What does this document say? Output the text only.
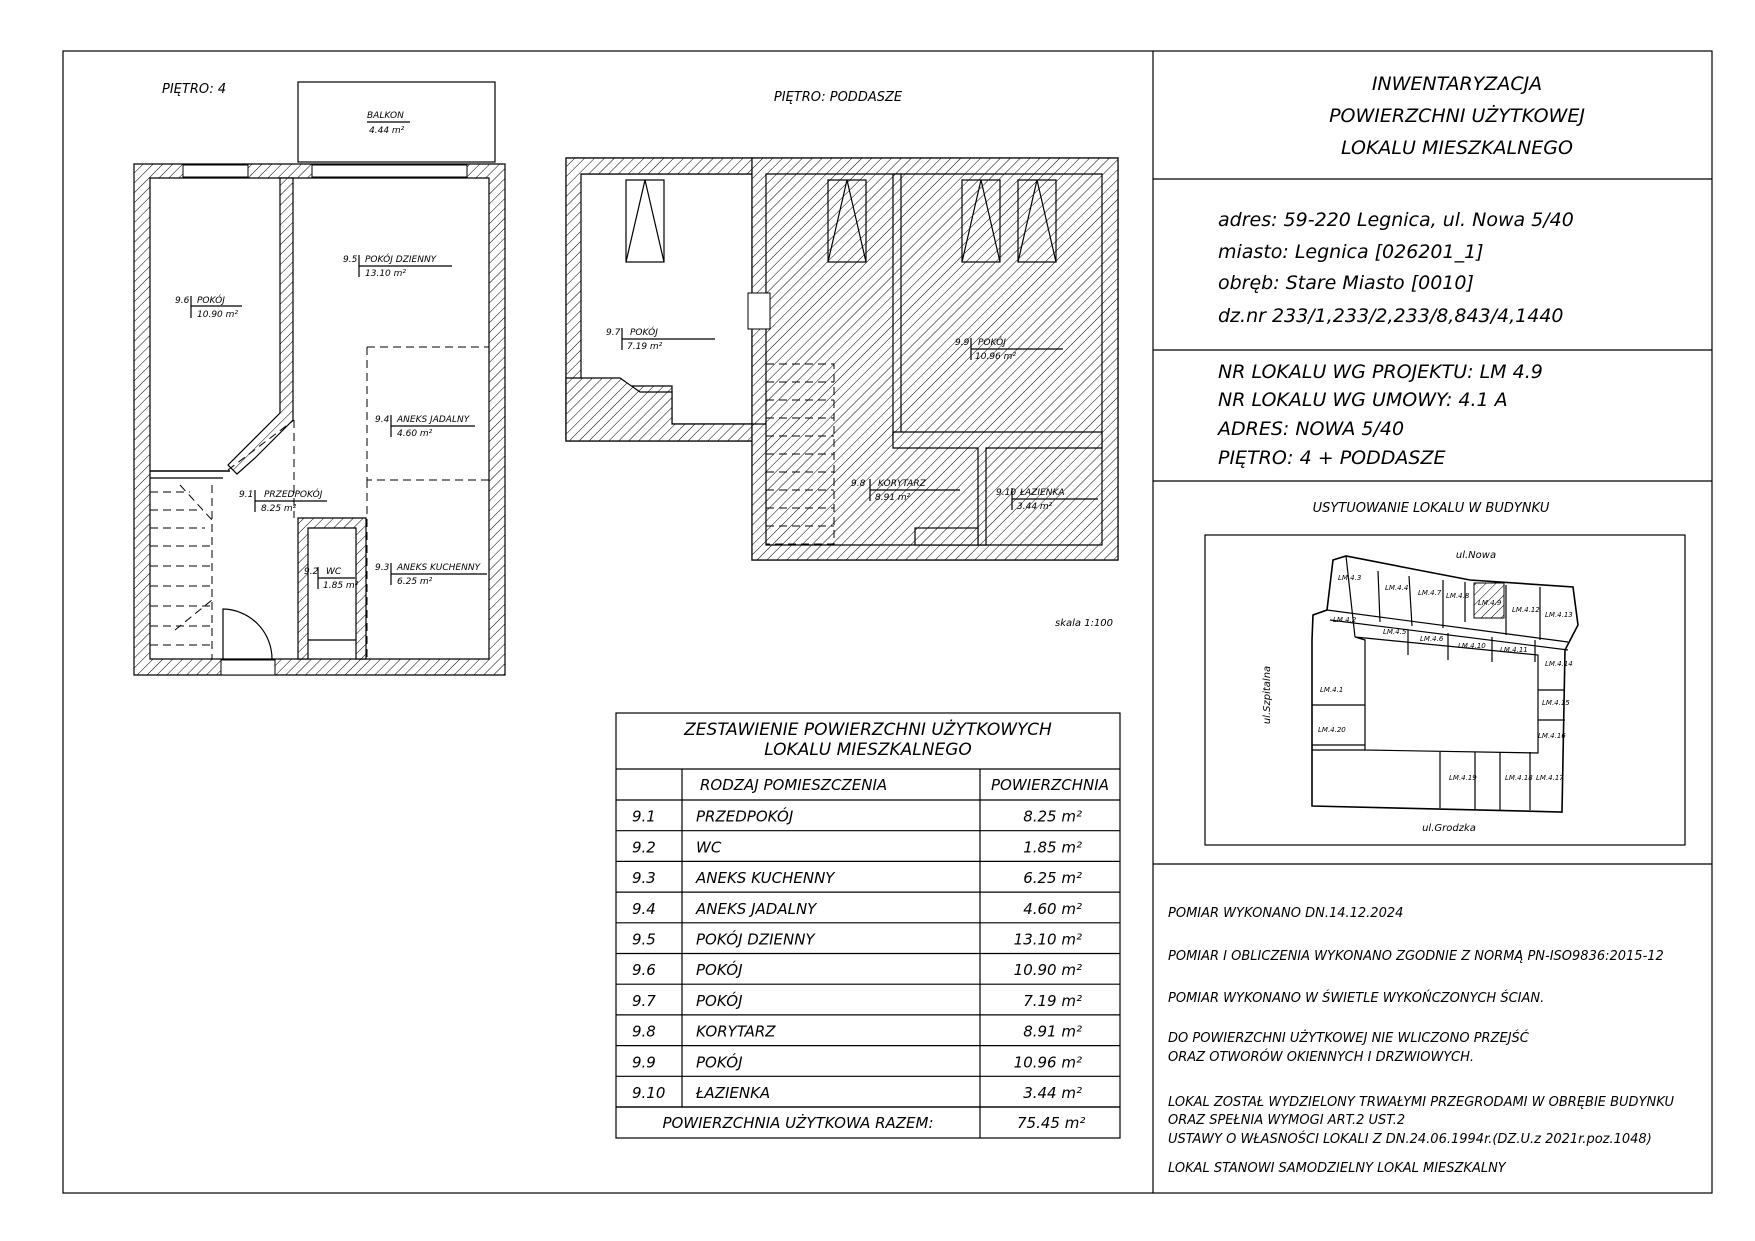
INWENTARYZACJA
POWIERZCHNI UŻYTKOWEJ
LOKALU MIESZKALNEGO
adres: 59-220 Legnica, ul. Nowa 5/40
miasto: Legnica [026201_1]
obręb: Stare Miasto [0010]
dz.nr 233/1,233/2,233/8,843/4,1440
NR LOKALU WG PROJEKTU: LM 4.9
NR LOKALU WG UMOWY: 4.1 A
ADRES: NOWA 5/40
PIĘTRO: 4 + PODDASZE
USYTUOWANIE LOKALU W BUDYNKU
ul.Nowa
ul.Szpitalna
ul.Grodzka
LM.4.3
LM.4.4
LM.4.7 LM.4.8
LM.4.9
LM.4.12
LM.4.13
LM.4.2
LM.4.5
LM.4.6
LM.4.10 LM.4.11
LM.4.14
LM.4.1
LM.4.15
LM.4.20
LM.4.16
LM.4.19	LM.4.18 LM.4.17
POMIAR WYKONANO DN.14.12.2024
POMIAR I OBLICZENIA WYKONANO ZGODNIE Z NORMĄ PN-ISO9836:2015-12
POMIAR WYKONANO W ŚWIETLE WYKOŃCZONYCH ŚCIAN.
DO POWIERZCHNI UŻYTKOWEJ NIE WLICZONO PRZEJŚĆ
ORAZ OTWORÓW OKIENNYCH I DRZWIOWYCH.
LOKAL ZOSTAŁ WYDZIELONY TRWAŁYMI PRZEGRODAMI W OBRĘBIE BUDYNKU
ORAZ SPEŁNIA WYMOGI ART.2 UST.2
USTAWY O WŁASNOŚCI LOKALI Z DN.24.06.1994r.(DZ.U.z 2021r.poz.1048)
LOKAL STANOWI SAMODZIELNY LOKAL MIESZKALNY
PIĘTRO: 4
BALKON
4.44 m²
9.6 POKÓJ
10.90 m²
9.5 POKÓJ DZIENNY
13.10 m²
9.4 ANEKS JADALNY
4.60 m²
9.1 PRZEDPOKÓJ
8.25 m²
9.2 WC
1.85 m²
9.3 ANEKS KUCHENNY
6.25 m²
PIĘTRO: PODDASZE
9.7 POKÓJ
7.19 m²	9.9 POKÓJ
10.96 m²
9.8 KORYTARZ
8.91 m²	9.10 ŁAZIENKA
3.44 m²
skala 1:100
ZESTAWIENIE POWIERZCHNI UŻYTKOWYCH
LOKALU MIESZKALNEGO
RODZAJ POMIESZCZENIA	POWIERZCHNIA
9.1	PRZEDPOKÓJ	8.25 m²
9.2	WC	1.85 m²
9.3	ANEKS KUCHENNY	6.25 m²
9.4	ANEKS JADALNY	4.60 m²
9.5	POKÓJ DZIENNY	13.10 m²
9.6	POKÓJ	10.90 m²
9.7	POKÓJ	7.19 m²
9.8	KORYTARZ	8.91 m²
9.9	POKÓJ	10.96 m²
9.10 ŁAZIENKA	3.44 m²
POWIERZCHNIA UŻYTKOWA RAZEM:	75.45 m²
